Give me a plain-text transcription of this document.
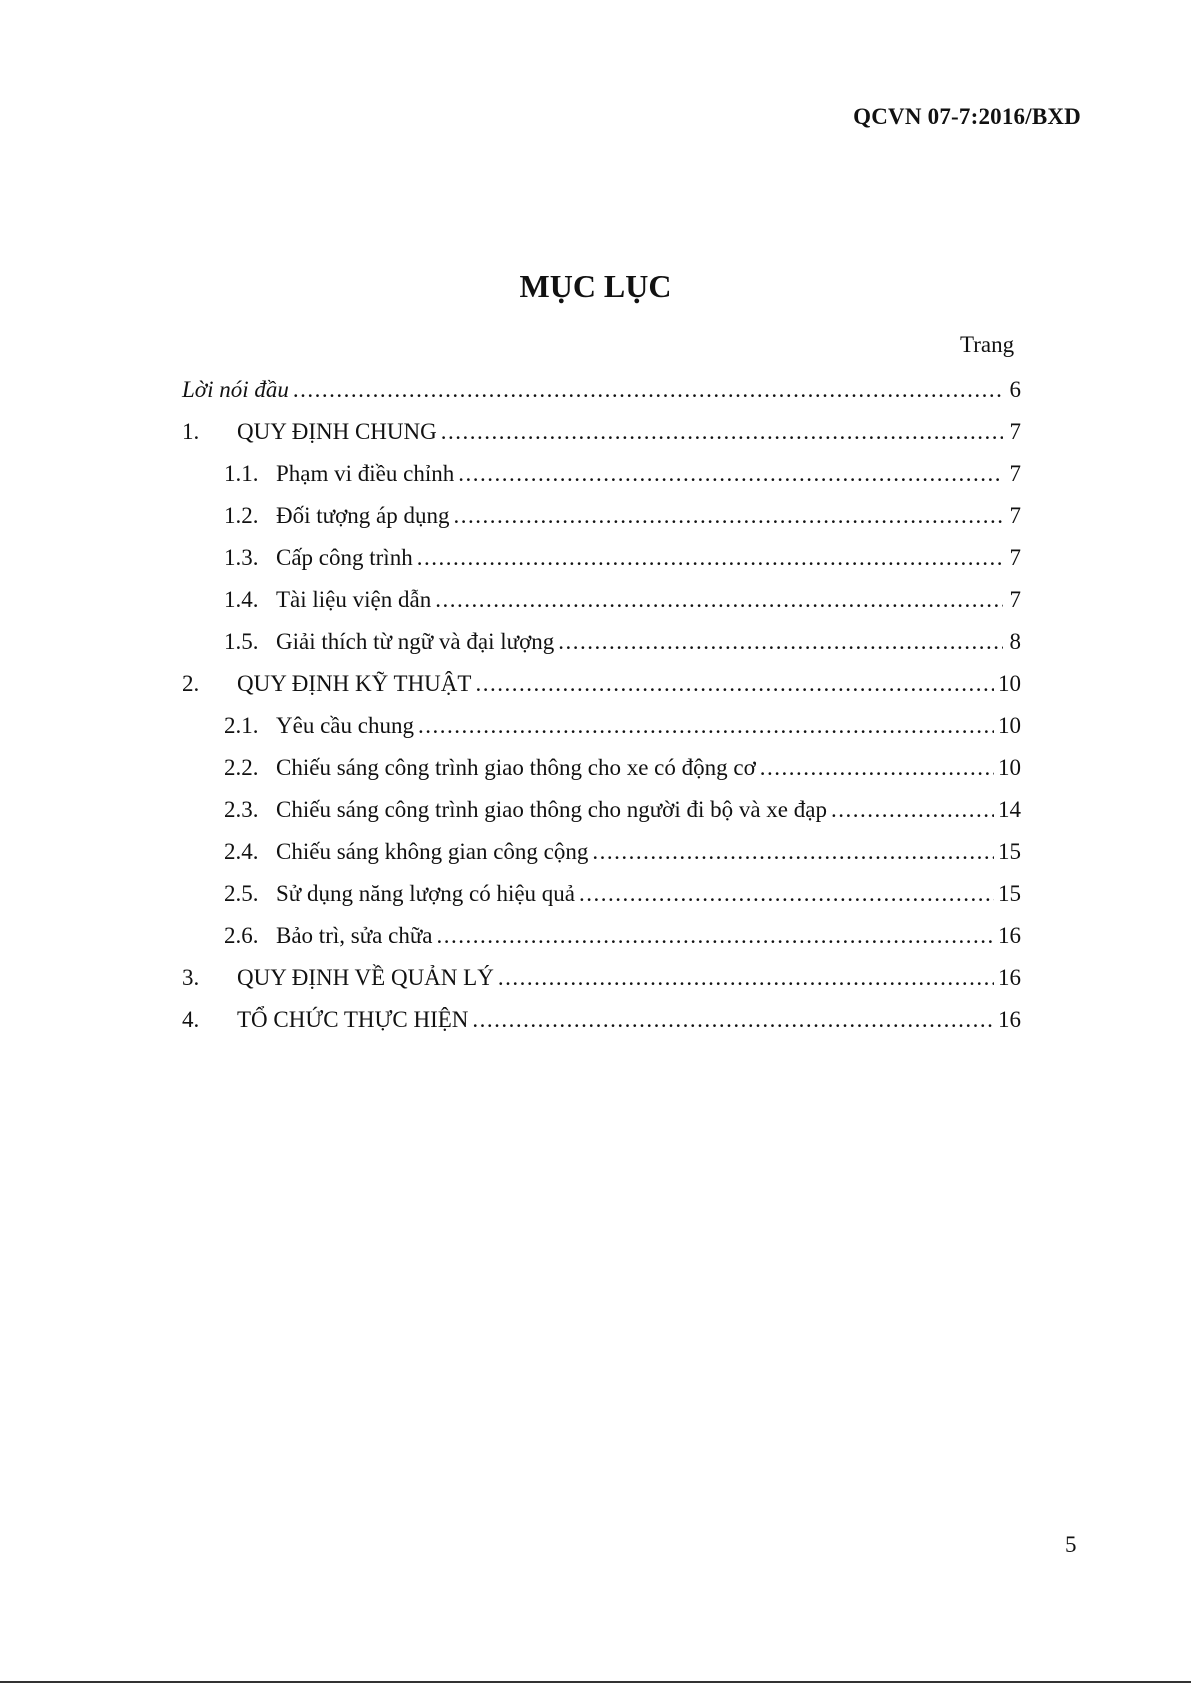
QCVN 07-7:2016/BXD
MỤC LỤC
Trang
Lời nói đầu .....	6
1.	QUY ĐỊNH CHUNG .....	7
1.1. Phạm vi điều chỉnh .....	7
1.2. Đối tượng áp dụng .....	7
1.3. Cấp công trình .....	7
1.4. Tài liệu viện dẫn .....	7
1.5. Giải thích từ ngữ và đại lượng .....	8
2.	QUY ĐỊNH KỸ THUẬT .....	10
2.1. Yêu cầu chung .....	10
2.2. Chiếu sáng công trình giao thông cho xe có động cơ .....	10
2.3. Chiếu sáng công trình giao thông cho người đi bộ và xe đạp .....	14
2.4. Chiếu sáng không gian công cộng .....	15
2.5. Sử dụng năng lượng có hiệu quả .....	15
2.6. Bảo trì, sửa chữa .....	16
3.	QUY ĐỊNH VỀ QUẢN LÝ .....	16
4.	TỔ CHỨC THỰC HIỆN .....	16
5
